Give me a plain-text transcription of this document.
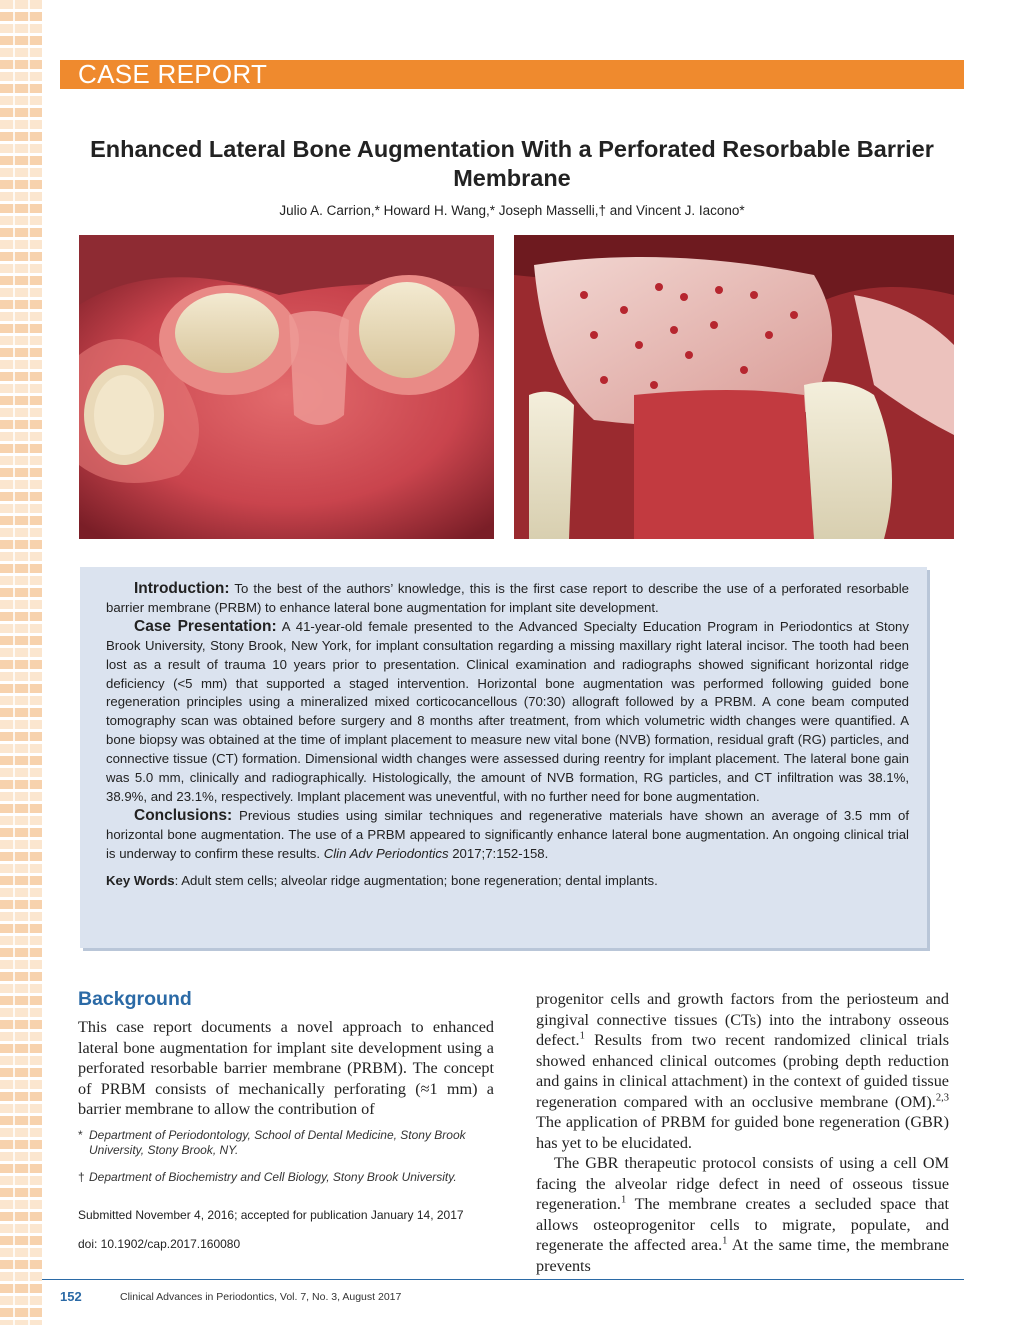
CASE REPORT
Enhanced Lateral Bone Augmentation With a Perforated Resorbable Barrier Membrane
Julio A. Carrion,* Howard H. Wang,* Joseph Masselli,† and Vincent J. Iacono*

Introduction: To the best of the authors’ knowledge, this is the first case report to describe the use of a perforated resorbable barrier membrane (PRBM) to enhance lateral bone augmentation for implant site development.

Case Presentation: A 41-year-old female presented to the Advanced Specialty Education Program in Periodontics at Stony Brook University, Stony Brook, New York, for implant consultation regarding a missing maxillary right lateral incisor. The tooth had been lost as a result of trauma 10 years prior to presentation. Clinical examination and radiographs showed significant horizontal ridge deficiency (<5 mm) that supported a staged intervention. Horizontal bone augmentation was performed following guided bone regeneration principles using a mineralized mixed corticocancellous (70:30) allograft followed by a PRBM. A cone beam computed tomography scan was obtained before surgery and 8 months after treatment, from which volumetric width changes were quantified. A bone biopsy was obtained at the time of implant placement to measure new vital bone (NVB) formation, residual graft (RG) particles, and connective tissue (CT) formation. Dimensional width changes were assessed during reentry for implant placement. The lateral bone gain was 5.0 mm, clinically and radiographically. Histologically, the amount of NVB formation, RG particles, and CT infiltration was 38.1%, 38.9%, and 23.1%, respectively. Implant placement was uneventful, with no further need for bone augmentation.

Conclusions: Previous studies using similar techniques and regenerative materials have shown an average of 3.5 mm of horizontal bone augmentation. The use of a PRBM appeared to significantly enhance lateral bone augmentation. An ongoing clinical trial is underway to confirm these results. Clin Adv Periodontics 2017;7:152-158.

Key Words: Adult stem cells; alveolar ridge augmentation; bone regeneration; dental implants.

Background

This case report documents a novel approach to enhanced lateral bone augmentation for implant site development using a perforated resorbable barrier membrane (PRBM). The concept of PRBM consists of mechanically perforating (≈1 mm) a barrier membrane to allow the contribution of

* Department of Periodontology, School of Dental Medicine, Stony Brook University, Stony Brook, NY.
† Department of Biochemistry and Cell Biology, Stony Brook University.
Submitted November 4, 2016; accepted for publication January 14, 2017
doi: 10.1902/cap.2017.160080

progenitor cells and growth factors from the periosteum and gingival connective tissues (CTs) into the intrabony osseous defect.$^1$ Results from two recent randomized clinical trials showed enhanced clinical outcomes (probing depth reduction and gains in clinical attachment) in the context of guided tissue regeneration compared with an occlusive membrane (OM).$^{2,3}$ The application of PRBM for guided bone regeneration (GBR) has yet to be elucidated.

The GBR therapeutic protocol consists of using a cell OM facing the alveolar ridge defect in need of osseous tissue regeneration.$^1$ The membrane creates a secluded space that allows osteoprogenitor cells to migrate, populate, and regenerate the affected area.$^1$ At the same time, the membrane prevents

152	Clinical Advances in Periodontics, Vol. 7, No. 3, August 2017
